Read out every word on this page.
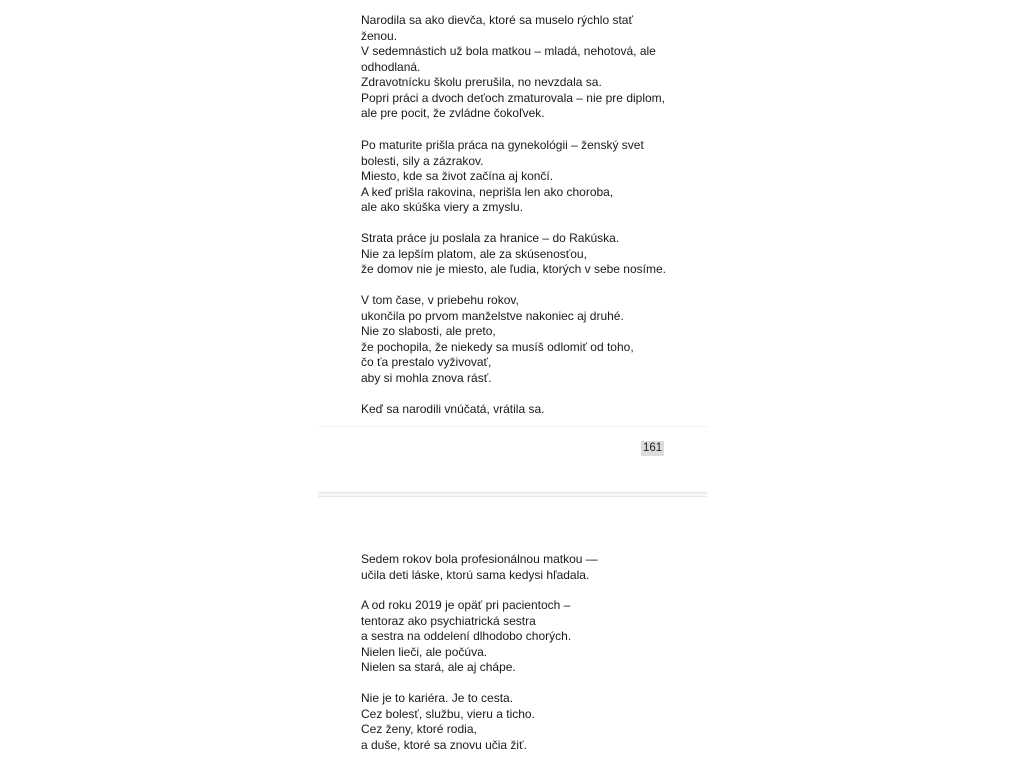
Narodila sa ako dievča, ktoré sa muselo rýchlo stať
ženou.
V sedemnástich už bola matkou – mladá, nehotová, ale
odhodlaná.
Zdravotnícku školu prerušila, no nevzdala sa.
Popri práci a dvoch deťoch zmaturovala – nie pre diplom,
ale pre pocit, že zvládne čokoľvek.
Po maturite prišla práca na gynekológii – ženský svet
bolesti, sily a zázrakov.
Miesto, kde sa život začína aj končí.
A keď prišla rakovina, neprišla len ako choroba,
ale ako skúška viery a zmyslu.
Strata práce ju poslala za hranice – do Rakúska.
Nie za lepším platom, ale za skúsenosťou,
že domov nie je miesto, ale ľudia, ktorých v sebe nosíme.
V tom čase, v priebehu rokov,
ukončila po prvom manželstve nakoniec aj druhé.
Nie zo slabosti, ale preto,
že pochopila, že niekedy sa musíš odlomiť od toho,
čo ťa prestalo vyživovať,
aby si mohla znova rásť.
Keď sa narodili vnúčatá, vrátila sa.
161
Sedem rokov bola profesionálnou matkou —
učila deti láske, ktorú sama kedysi hľadala.
A od roku 2019 je opäť pri pacientoch –
tentoraz ako psychiatrická sestra
a sestra na oddelení dlhodobo chorých.
Nielen lieči, ale počúva.
Nielen sa stará, ale aj chápe.
Nie je to kariéra. Je to cesta.
Cez bolesť, službu, vieru a ticho.
Cez ženy, ktoré rodia,
a duše, ktoré sa znovu učia žiť.
